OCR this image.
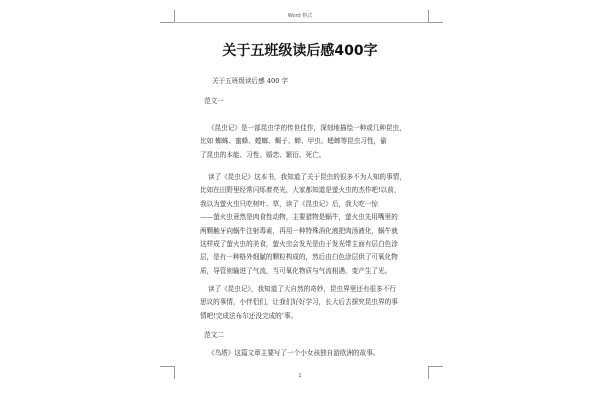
Word 格式
关于五班级读后感400字
关于五班级读后感 400 字
范文一
《昆虫记》是一部昆虫学的传世佳作，深刻地描绘一种或几种昆虫，
比如 蜘蛛、蜜蜂、螳螂、蝎子、蝉、甲虫、蟋蟀等昆虫习性，偷
了昆虫的本能、习性、婚恋、繁衍、死亡。
读了《昆虫记》这本书，我知道了关于昆虫的很多不为人知的事情，
比如在田野里经常闪烁着亮光，大家都知道是萤火虫的杰作吧!以前，
我以为萤火虫只吃树叶、草，读了《昆虫记》后，我大吃一惊
——萤火虫竟然是肉食性动物，主要猎物是蜗牛，萤火虫先用嘴里的
两颗触牙向蜗牛注射毒素，再用一种特殊消化液把肉汤液化，蜗牛就
这样成了萤火虫的美食，萤火虫会发光是由于发光带主面有层白色涂
层，是有一种格外细腻的颗粒构成的，然后由白色涂层供了可氧化物
质，导管则输进了气流，当可氧化物质与气流相遇，变产生了光。
读了《昆虫记》，我知道了大自然的奇妙，昆虫界里还有很多不行
思议的事情，小伴侣们，让我们好好学习，长大后去探究昆虫界的事
情吧!完成法布尔还没完成的’事。
范文二
《鸟塔》这篇文章主要写了一个小女孩独自游欧洲的故事。
1
